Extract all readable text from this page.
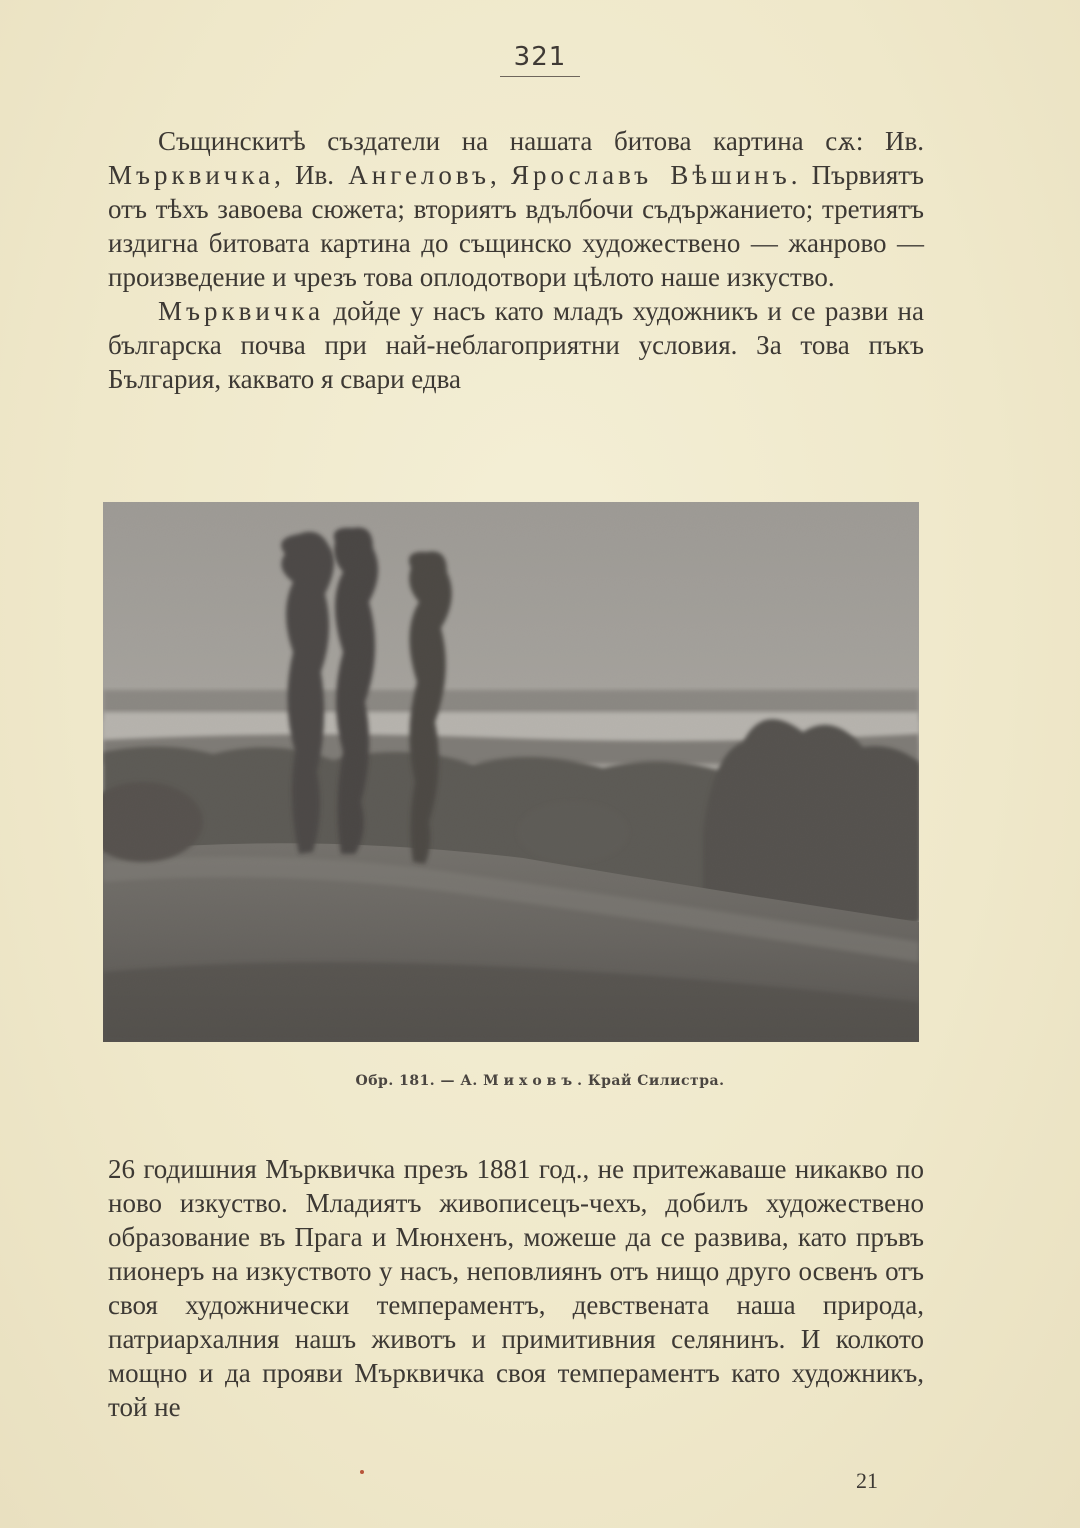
321

Същинскитѣ създатели на нашата битова картина сѫ: Ив. Мърквичка, Ив. Ангеловъ, Ярославъ Вѣшинъ. Първиятъ отъ тѣхъ завоева сюжета; вториятъ вдълбочи съдържанието; третиятъ издигна битовата картина до същинско художествено — жанрово — произведение и чрезъ това оплодотвори цѣлото наше изкуство.

Мърквичка дойде у насъ като младъ художникъ и се разви на българска почва при най-неблагоприятни условия. За това пъкъ България, каквато я свари едва

Обр. 181. — А. Миховъ. Край Силистра.

26 годишния Мърквичка презъ 1881 год., не притежаваше никакво по ново изкуство. Младиятъ живописецъ-чехъ, добилъ художествено образование въ Прага и Мюнхенъ, можеше да се развива, като пръвъ пионеръ на изкуството у насъ, неповлиянъ отъ нищо друго освенъ отъ своя художнически темпераментъ, девствената наша природа, патриархалния нашъ животъ и примитивния селянинъ. И колкото мощно и да прояви Мърквичка своя темпераментъ като художникъ, той не

21
